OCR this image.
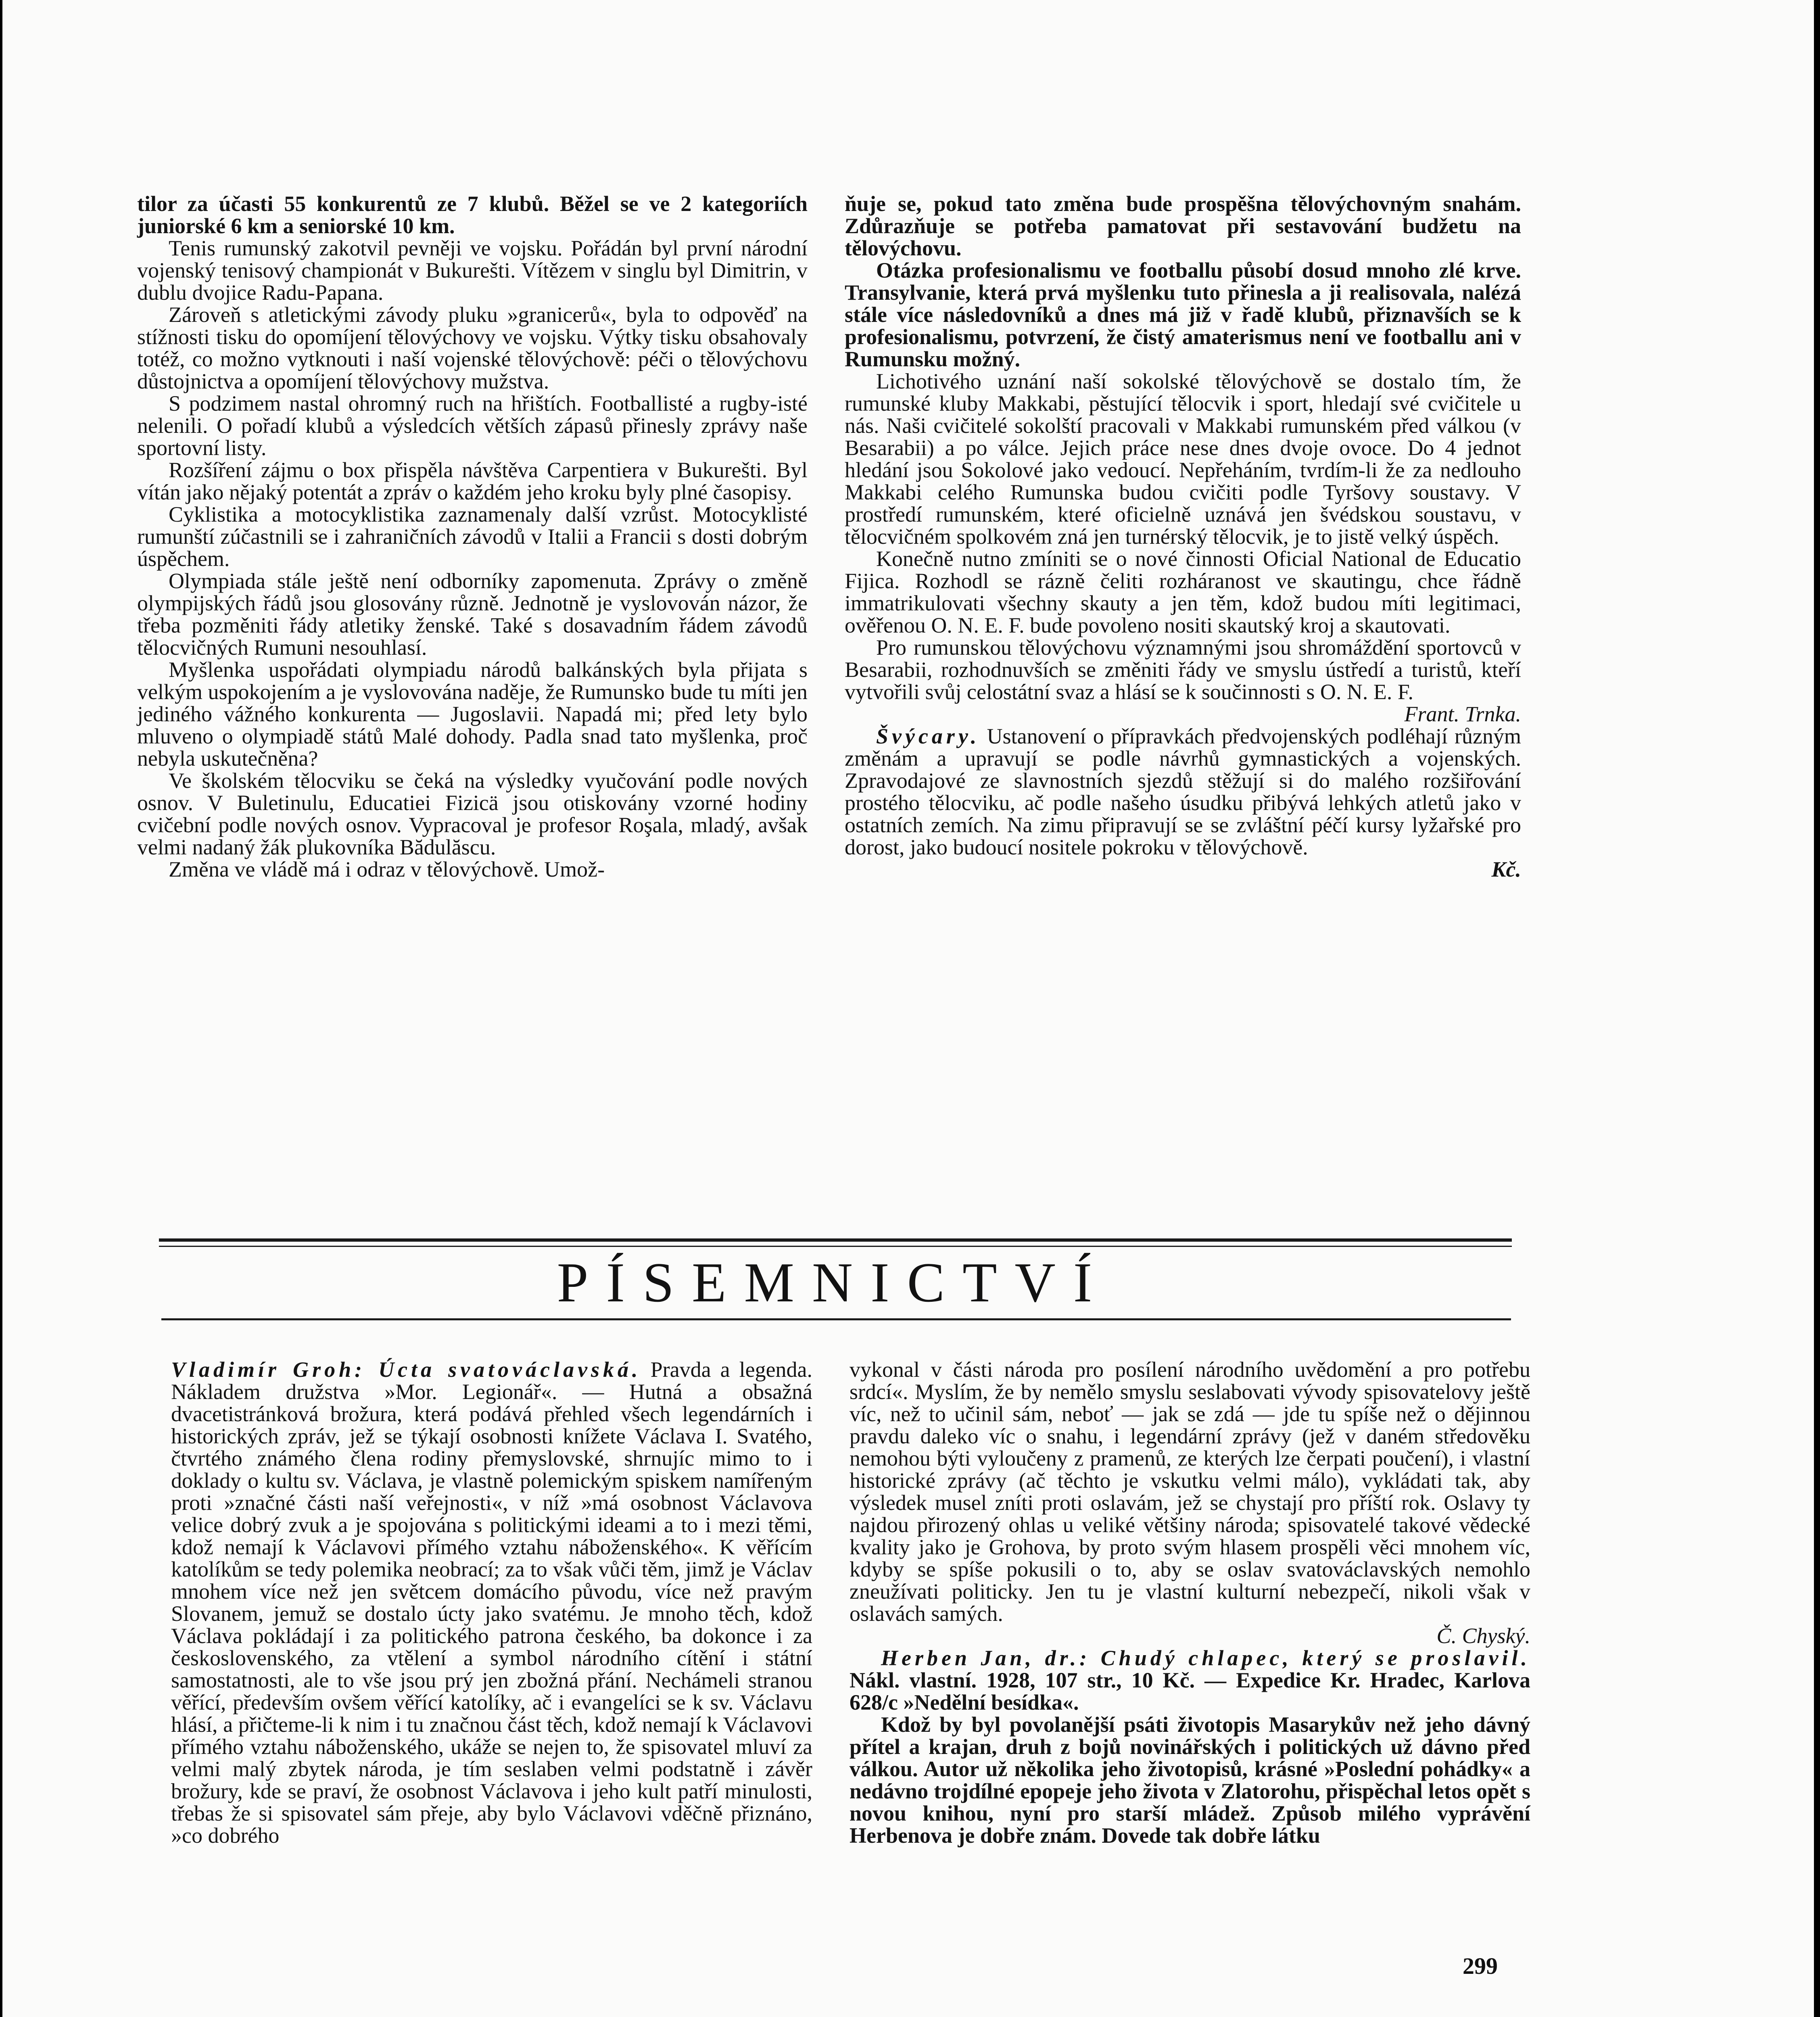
tilor za účasti 55 konkurentů ze 7 klubů. Běžel se ve 2 kategoriích juniorské 6 km a seniorské 10 km.

Tenis rumunský zakotvil pevněji ve vojsku. Pořádán byl první národní vojenský tenisový championát v Bukurešti. Vítězem v singlu byl Dimitrin, v dublu dvojice Radu-Papana.

Zároveň s atletickými závody pluku »granicerů«, byla to odpověď na stížnosti tisku do opomíjení tělovýchovy ve vojsku. Výtky tisku obsahovaly totéž, co možno vytknouti i naší vojenské tělovýchově: péči o tělovýchovu důstojnictva a opomíjení tělovýchovy mužstva.

S podzimem nastal ohromný ruch na hřištích. Footballisté a rugby-isté nelenili. O pořadí klubů a výsledcích větších zápasů přinesly zprávy naše sportovní listy.

Rozšíření zájmu o box přispěla návštěva Carpentiera v Bukurešti. Byl vítán jako nějaký potentát a zpráv o každém jeho kroku byly plné časopisy.

Cyklistika a motocyklistika zaznamenaly další vzrůst. Motocyklisté rumunští zúčastnili se i zahraničních závodů v Italii a Francii s dosti dobrým úspěchem.

Olympiada stále ještě není odborníky zapomenuta. Zprávy o změně olympijských řádů jsou glosovány různě. Jednotně je vyslovován názor, že třeba pozměniti řády atletiky ženské. Také s dosavadním řádem závodů tělocvičných Rumuni nesouhlasí.

Myšlenka uspořádati olympiadu národů balkánských byla přijata s velkým uspokojením a je vyslovována naděje, že Rumunsko bude tu míti jen jediného vážného konkurenta — Jugoslavii. Napadá mi; před lety bylo mluveno o olympiadě států Malé dohody. Padla snad tato myšlenka, proč nebyla uskutečněna?

Ve školském tělocviku se čeká na výsledky vyučování podle nových osnov. V Buletinulu, Educatiei Fizicä jsou otiskovány vzorné hodiny cvičební podle nových osnov. Vypracoval je profesor Roşala, mladý, avšak velmi nadaný žák plukovníka Bădulăscu.

Změna ve vládě má i odraz v tělovýchově. Umož-

ňuje se, pokud tato změna bude prospěšna tělovýchovným snahám. Zdůrazňuje se potřeba pamatovat při sestavování budžetu na tělovýchovu.

Otázka profesionalismu ve footballu působí dosud mnoho zlé krve. Transylvanie, která prvá myšlenku tuto přinesla a ji realisovala, nalézá stále více následovníků a dnes má již v řadě klubů, přiznavších se k profesionalismu, potvrzení, že čistý amaterismus není ve footballu ani v Rumunsku možný.

Lichotivého uznání naší sokolské tělovýchově se dostalo tím, že rumunské kluby Makkabi, pěstující tělocvik i sport, hledají své cvičitele u nás. Naši cvičitelé sokolští pracovali v Makkabi rumunském před válkou (v Besarabii) a po válce. Jejich práce nese dnes dvoje ovoce. Do 4 jednot hledání jsou Sokolové jako vedoucí. Nepřeháním, tvrdím-li že za nedlouho Makkabi celého Rumunska budou cvičiti podle Tyršovy soustavy. V prostředí rumunském, které oficielně uznává jen švédskou soustavu, v tělocvičném spolkovém zná jen turnérský tělocvik, je to jistě velký úspěch.

Konečně nutno zmíniti se o nové činnosti Oficial National de Educatio Fijica. Rozhodl se rázně čeliti rozháranost ve skautingu, chce řádně immatrikulovati všechny skauty a jen těm, kdož budou míti legitimaci, ověřenou O. N. E. F. bude povoleno nositi skautský kroj a skautovati.

Pro rumunskou tělovýchovu významnými jsou shromáždění sportovců v Besarabii, rozhodnuvších se změniti řády ve smyslu ústředí a turistů, kteří vytvořili svůj celostátní svaz a hlásí se k součinnosti s O. N. E. F.

Frant. Trnka.

Švýcary. Ustanovení o přípravkách předvojenských podléhají různým změnám a upravují se podle návrhů gymnastických a vojenských. Zpravodajové ze slavnostních sjezdů stěžují si do malého rozšiřování prostého tělocviku, ač podle našeho úsudku přibývá lehkých atletů jako v ostatních zemích. Na zimu připravují se se zvláštní péčí kursy lyžařské pro dorost, jako budoucí nositele pokroku v tělovýchově.

Kč.

PÍSEMNICTVÍ

Vladimír Groh: Úcta svatováclavská. Pravda a legenda. Nákladem družstva »Mor. Legionář«. — Hutná a obsažná dvacetistránková brožura, která podává přehled všech legendárních i historických zpráv, jež se týkají osobnosti knížete Václava I. Svatého, čtvrtého známého člena rodiny přemyslovské, shrnujíc mimo to i doklady o kultu sv. Václava, je vlastně polemickým spiskem namířeným proti »značné části naší veřejnosti«, v níž »má osobnost Václavova velice dobrý zvuk a je spojována s politickými ideami a to i mezi těmi, kdož nemají k Václavovi přímého vztahu náboženského«. K věřícím katolíkům se tedy polemika neobrací; za to však vůči těm, jimž je Václav mnohem více než jen světcem domácího původu, více než pravým Slovanem, jemuž se dostalo úcty jako svatému. Je mnoho těch, kdož Václava pokládají i za politického patrona českého, ba dokonce i za československého, za vtělení a symbol národního cítění i státní samostatnosti, ale to vše jsou prý jen zbožná přání. Nechámeli stranou věřící, především ovšem věřící katolíky, ač i evangelíci se k sv. Václavu hlásí, a přičteme-li k nim i tu značnou část těch, kdož nemají k Václavovi přímého vztahu náboženského, ukáže se nejen to, že spisovatel mluví za velmi malý zbytek národa, je tím seslaben velmi podstatně i závěr brožury, kde se praví, že osobnost Václavova i jeho kult patří minulosti, třebas že si spisovatel sám přeje, aby bylo Václavovi vděčně přiznáno, »co dobrého

vykonal v části národa pro posílení národního uvědomění a pro potřebu srdcí«. Myslím, že by nemělo smyslu seslabovati vývody spisovatelovy ještě víc, než to učinil sám, neboť — jak se zdá — jde tu spíše než o dějinnou pravdu daleko víc o snahu, i legendární zprávy (jež v daném středověku nemohou býti vyloučeny z pramenů, ze kterých lze čerpati poučení), i vlastní historické zprávy (ač těchto je vskutku velmi málo), vykládati tak, aby výsledek musel zníti proti oslavám, jež se chystají pro příští rok. Oslavy ty najdou přirozený ohlas u veliké většiny národa; spisovatelé takové vědecké kvality jako je Grohova, by proto svým hlasem prospěli věci mnohem víc, kdyby se spíše pokusili o to, aby se oslav svatováclavských nemohlo zneužívati politicky. Jen tu je vlastní kulturní nebezpečí, nikoli však v oslavách samých.

Č. Chyský.

Herben Jan, dr.: Chudý chlapec, který se proslavil. Nákl. vlastní. 1928, 107 str., 10 Kč. — Expedice Kr. Hradec, Karlova 628/c »Nedělní besídka«.

Kdož by byl povolanější psáti životopis Masarykův než jeho dávný přítel a krajan, druh z bojů novinářských i politických už dávno před válkou. Autor už několika jeho životopisů, krásné »Poslední pohádky« a nedávno trojdílné epopeje jeho života v Zlatorohu, přispěchal letos opět s novou knihou, nyní pro starší mládež. Způsob milého vyprávění Herbenova je dobře znám. Dovede tak dobře látku

299
